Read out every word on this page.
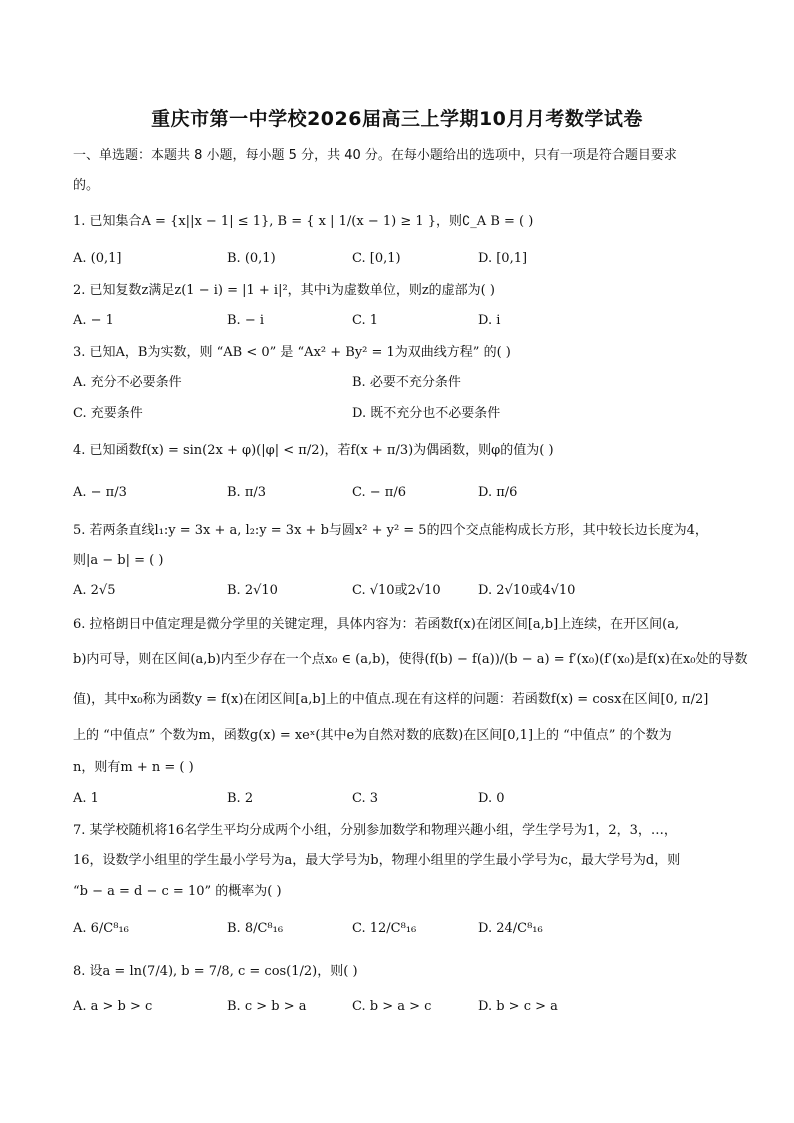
重庆市第一中学校2026届高三上学期10月月考数学试卷
一、单选题：本题共 8 小题，每小题 5 分，共 40 分。在每小题给出的选项中，只有一项是符合题目要求
的。
1. 已知集合A = {x||x − 1| ≤ 1}, B = { x | 1/(x − 1) ≥ 1 }，则∁_A B = ( )
A. (0,1]	B. (0,1)	C. [0,1)	D. [0,1]
2. 已知复数z满足z(1 − i) = |1 + i|²，其中i为虚数单位，则z的虚部为( )
A. − 1	B. − i	C. 1	D. i
3. 已知A，B为实数，则 “AB < 0” 是 “Ax² + By² = 1为双曲线方程” 的( )
A. 充分不必要条件	B. 必要不充分条件
C. 充要条件	D. 既不充分也不必要条件
4. 已知函数f(x) = sin(2x + φ)(|φ| < π/2)，若f(x + π/3)为偶函数，则φ的值为( )
A. − π/3	B. π/3	C. − π/6	D. π/6
5. 若两条直线l₁:y = 3x + a, l₂:y = 3x + b与圆x² + y² = 5的四个交点能构成长方形，其中较长边长度为4，
则|a − b| = ( )
A. 2√5	B. 2√10	C. √10或2√10	D. 2√10或4√10
6. 拉格朗日中值定理是微分学里的关键定理，具体内容为：若函数f(x)在闭区间[a,b]上连续，在开区间(a,
b)内可导，则在区间(a,b)内至少存在一个点x₀ ∈ (a,b)，使得(f(b) − f(a))/(b − a) = f′(x₀)(f′(x₀)是f(x)在x₀处的导数
值)，其中x₀称为函数y = f(x)在闭区间[a,b]上的中值点.现在有这样的问题：若函数f(x) = cosx在区间[0, π/2]
上的 “中值点” 个数为m，函数g(x) = xeˣ(其中e为自然对数的底数)在区间[0,1]上的 “中值点” 的个数为
n，则有m + n = ( )
A. 1	B. 2	C. 3	D. 0
7. 某学校随机将16名学生平均分成两个小组，分别参加数学和物理兴趣小组，学生学号为1，2，3，…，
16，设数学小组里的学生最小学号为a，最大学号为b，物理小组里的学生最小学号为c，最大学号为d，则
“b − a = d − c = 10” 的概率为( )
A. 6/C⁸₁₆	B. 8/C⁸₁₆	C. 12/C⁸₁₆	D. 24/C⁸₁₆
8. 设a = ln(7/4), b = 7/8, c = cos(1/2)，则( )
A. a > b > c	B. c > b > a	C. b > a > c	D. b > c > a
